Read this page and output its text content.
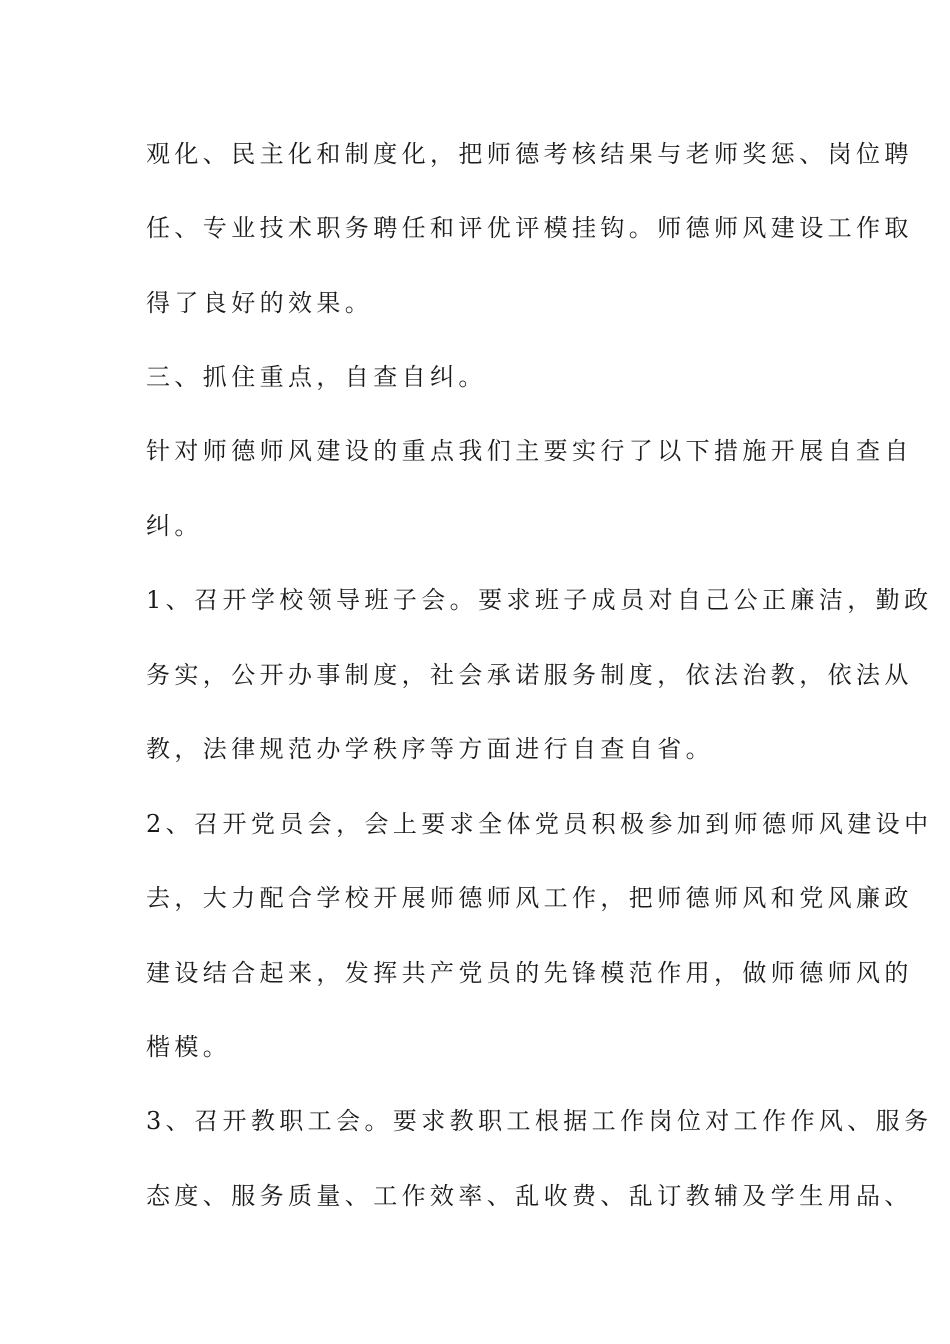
观化、民主化和制度化，把师德考核结果与老师奖惩、岗位聘
任、专业技术职务聘任和评优评模挂钩。师德师风建设工作取
得了良好的效果。
三、抓住重点，自查自纠。
针对师德师风建设的重点我们主要实行了以下措施开展自查自
纠。
1、召开学校领导班子会。要求班子成员对自己公正廉洁，勤政
务实，公开办事制度，社会承诺服务制度，依法治教，依法从
教，法律规范办学秩序等方面进行自查自省。
2、召开党员会，会上要求全体党员积极参加到师德师风建设中
去，大力配合学校开展师德师风工作，把师德师风和党风廉政
建设结合起来，发挥共产党员的先锋模范作用，做师德师风的
楷模。
3、召开教职工会。要求教职工根据工作岗位对工作作风、服务
态度、服务质量、工作效率、乱收费、乱订教辅及学生用品、
